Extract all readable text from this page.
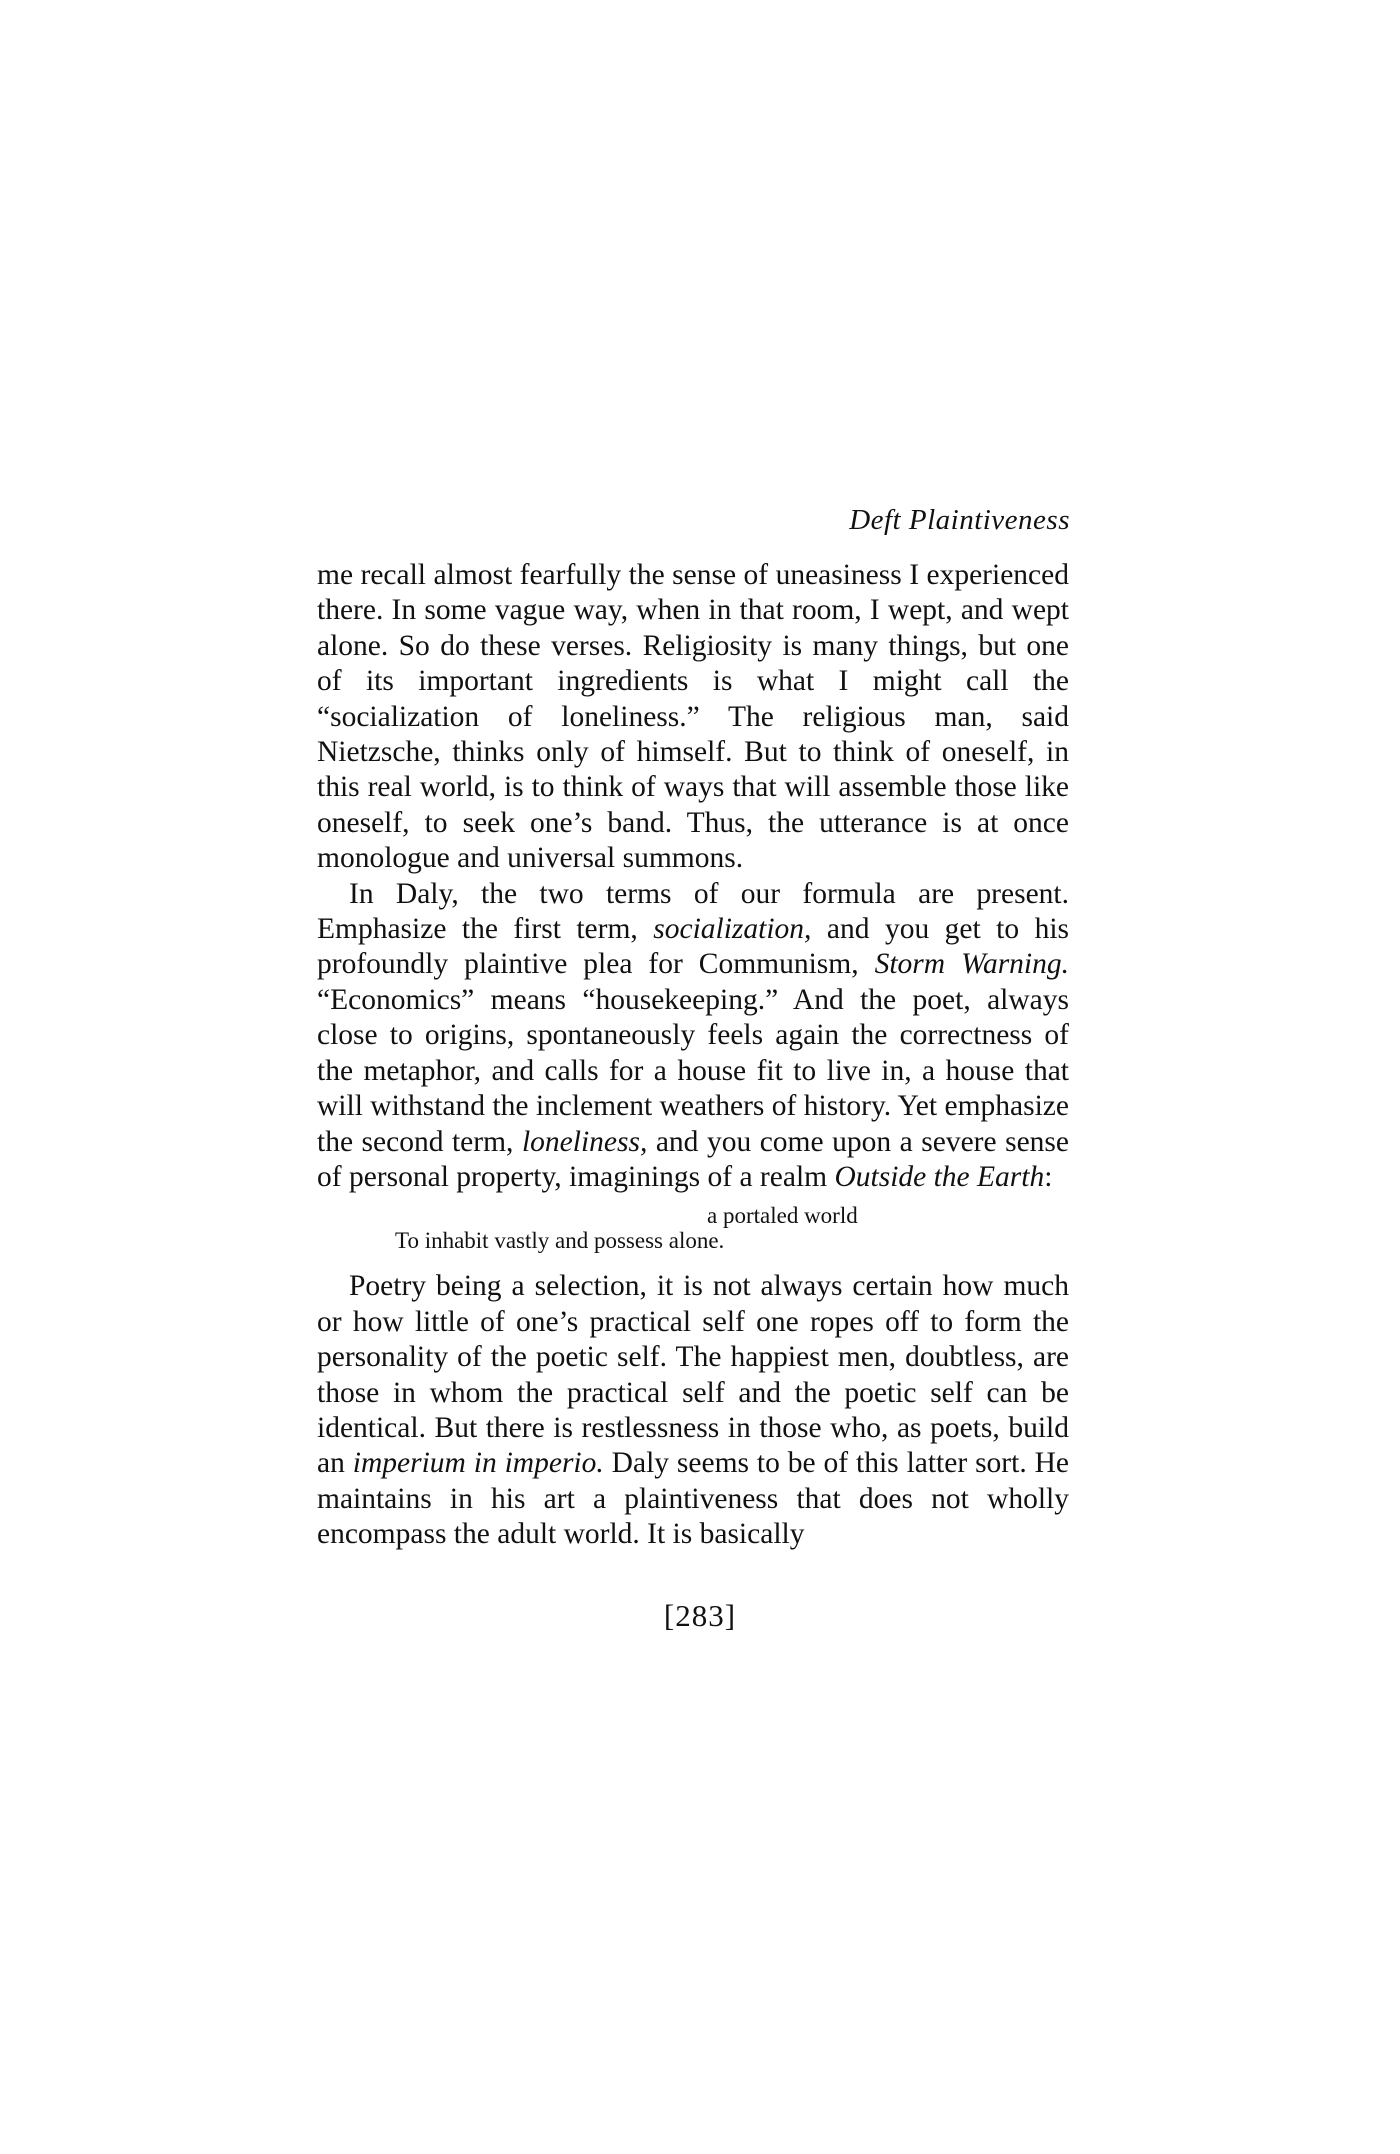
Deft Plaintiveness

me recall almost fearfully the sense of uneasiness I experienced there. In some vague way, when in that room, I wept, and wept alone. So do these verses. Religiosity is many things, but one of its important ingredients is what I might call the “socialization of loneliness.” The religious man, said Nietzsche, thinks only of himself. But to think of oneself, in this real world, is to think of ways that will assemble those like oneself, to seek one’s band. Thus, the utterance is at once monologue and universal summons.

In Daly, the two terms of our formula are present. Emphasize the first term, socialization, and you get to his profoundly plaintive plea for Communism, Storm Warning. “Economics” means “housekeeping.” And the poet, always close to origins, spontaneously feels again the correctness of the metaphor, and calls for a house fit to live in, a house that will withstand the inclement weathers of history. Yet emphasize the second term, loneliness, and you come upon a severe sense of personal property, imaginings of a realm Outside the Earth:

a portaled world
To inhabit vastly and possess alone.

Poetry being a selection, it is not always certain how much or how little of one’s practical self one ropes off to form the personality of the poetic self. The happiest men, doubtless, are those in whom the practical self and the poetic self can be identical. But there is restlessness in those who, as poets, build an imperium in imperio. Daly seems to be of this latter sort. He maintains in his art a plaintiveness that does not wholly encompass the adult world. It is basically

[283]
